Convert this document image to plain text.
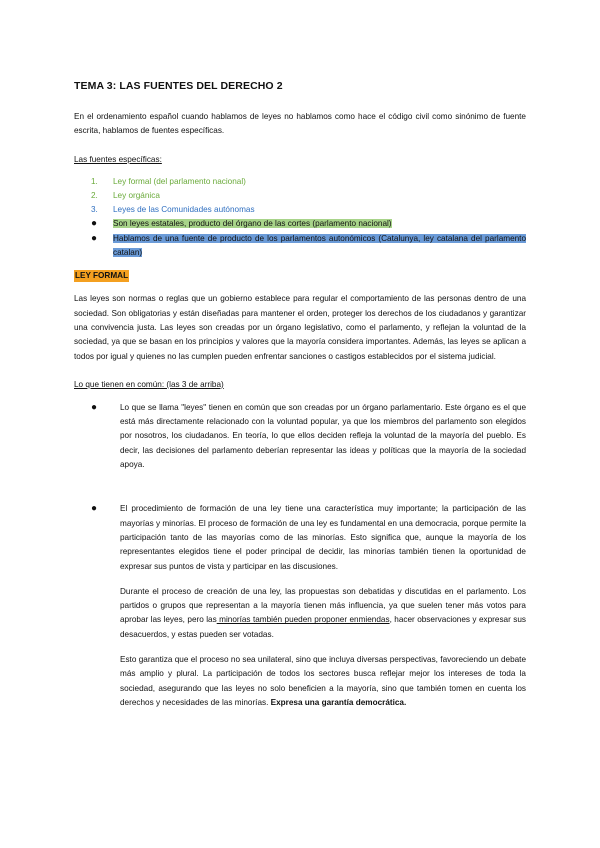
TEMA 3: LAS FUENTES DEL DERECHO 2

En el ordenamiento español cuando hablamos de leyes no hablamos como hace el código civil como sinónimo de fuente escrita, hablamos de fuentes específicas.

Las fuentes específicas:
1.	Ley formal (del parlamento nacional)
2.	Ley orgánica
3.	Leyes de las Comunidades autónomas
●	Son leyes estatales, producto del órgano de las cortes (parlamento nacional)
●	Hablamos de una fuente de producto de los parlamentos autonómicos (Catalunya, ley catalana del parlamento catalan)
LEY FORMAL

Las leyes son normas o reglas que un gobierno establece para regular el comportamiento de las personas dentro de una sociedad. Son obligatorias y están diseñadas para mantener el orden, proteger los derechos de los ciudadanos y garantizar una convivencia justa. Las leyes son creadas por un órgano legislativo, como el parlamento, y reflejan la voluntad de la sociedad, ya que se basan en los principios y valores que la mayoría considera importantes. Además, las leyes se aplican a todos por igual y quienes no las cumplen pueden enfrentar sanciones o castigos establecidos por el sistema judicial.

Lo que tienen en común: (las 3 de arriba)
●	Lo que se llama "leyes" tienen en común que son creadas por un órgano parlamentario. Este órgano es el que está más directamente relacionado con la voluntad popular, ya que los miembros del parlamento son elegidos por nosotros, los ciudadanos. En teoría, lo que ellos deciden refleja la voluntad de la mayoría del pueblo. Es decir, las decisiones del parlamento deberían representar las ideas y políticas que la mayoría de la sociedad apoya.

●	El procedimiento de formación de una ley tiene una característica muy importante; la participación de las mayorías y minorías. El proceso de formación de una ley es fundamental en una democracia, porque permite la participación tanto de las mayorías como de las minorías. Esto significa que, aunque la mayoría de los representantes elegidos tiene el poder principal de decidir, las minorías también tienen la oportunidad de expresar sus puntos de vista y participar en las discusiones.

Durante el proceso de creación de una ley, las propuestas son debatidas y discutidas en el parlamento. Los partidos o grupos que representan a la mayoría tienen más influencia, ya que suelen tener más votos para aprobar las leyes, pero las minorías también pueden proponer enmiendas, hacer observaciones y expresar sus desacuerdos, y estas pueden ser votadas.

Esto garantiza que el proceso no sea unilateral, sino que incluya diversas perspectivas, favoreciendo un debate más amplio y plural. La participación de todos los sectores busca reflejar mejor los intereses de toda la sociedad, asegurando que las leyes no solo beneficien a la mayoría, sino que también tomen en cuenta los derechos y necesidades de las minorías. Expresa una garantía democrática.
